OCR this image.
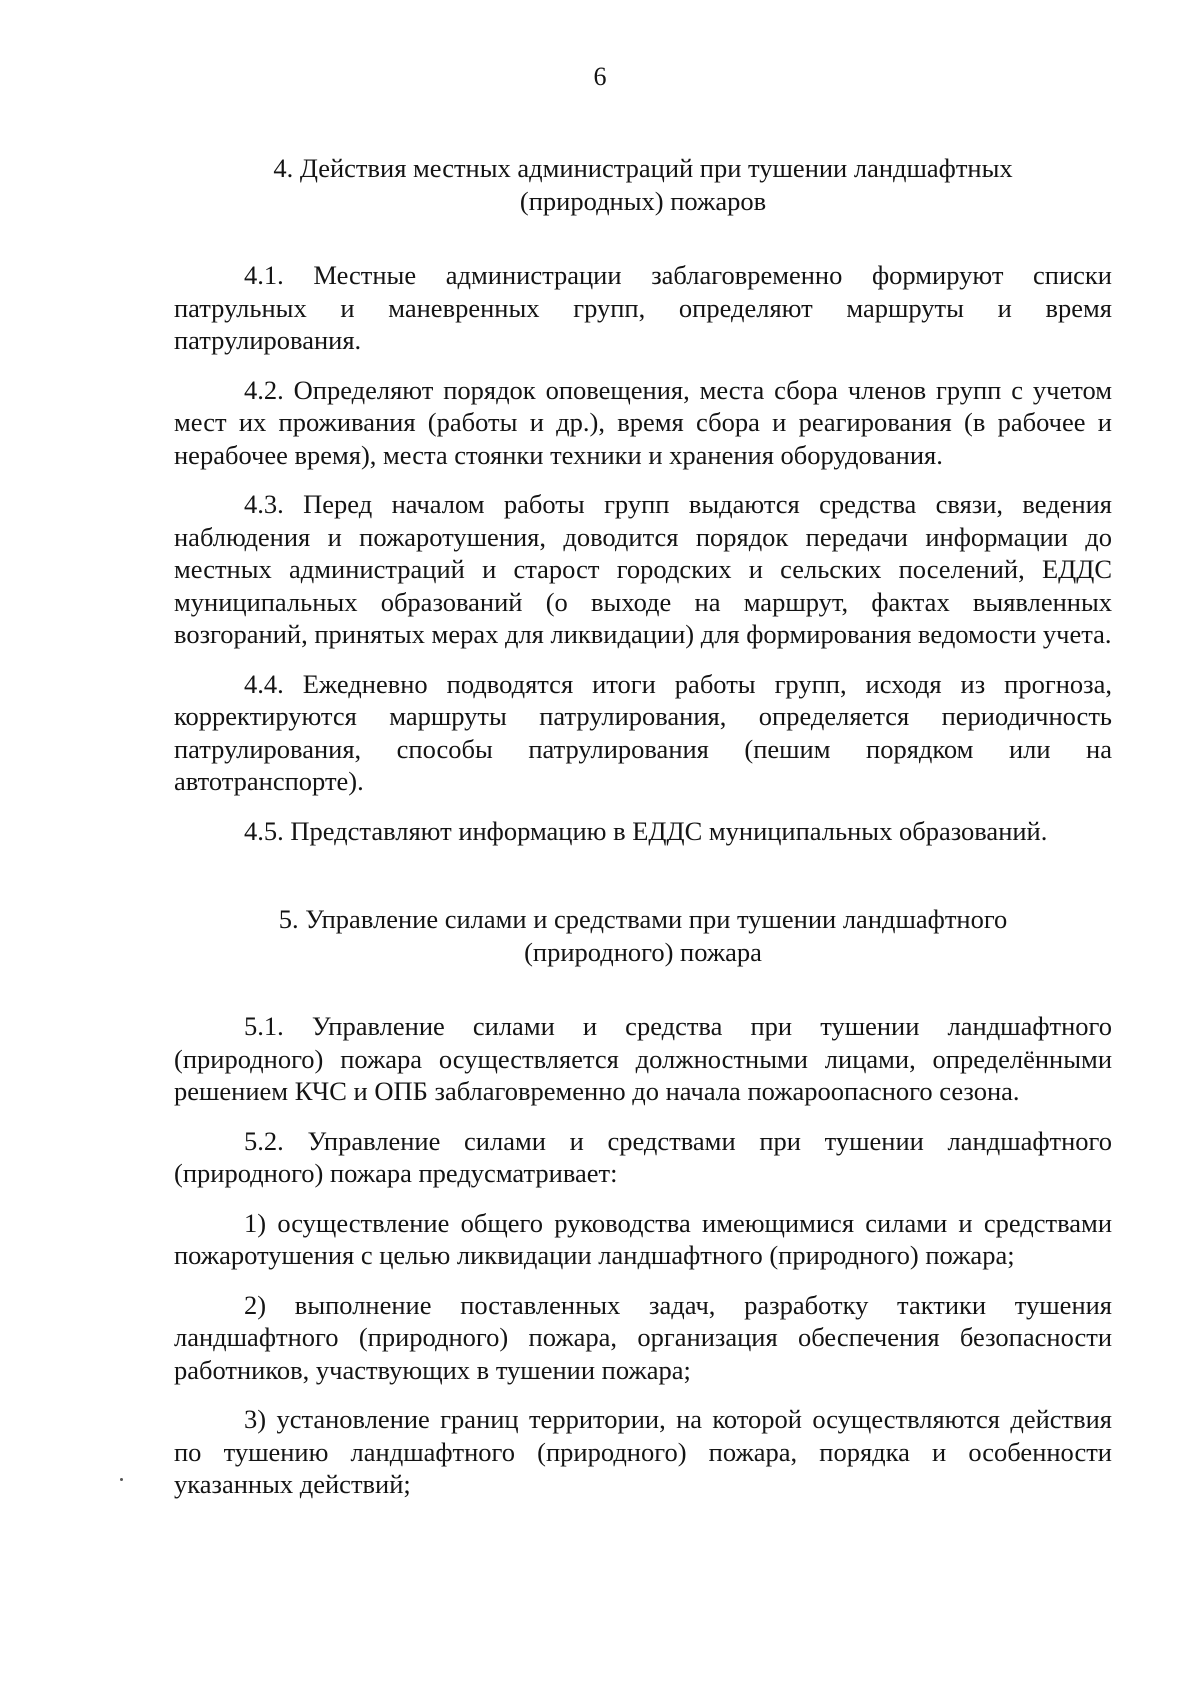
6
4. Действия местных администраций при тушении ландшафтных
(природных) пожаров

4.1. Местные администрации заблаговременно формируют списки патрульных и маневренных групп, определяют маршруты и время патрулирования.

4.2. Определяют порядок оповещения, места сбора членов групп с учетом мест их проживания (работы и др.), время сбора и реагирования (в рабочее и нерабочее время), места стоянки техники и хранения оборудования.

4.3. Перед началом работы групп выдаются средства связи, ведения наблюдения и пожаротушения, доводится порядок передачи информации до местных администраций и старост городских и сельских поселений, ЕДДС муниципальных образований (о выходе на маршрут, фактах выявленных возгораний, принятых мерах для ликвидации) для формирования ведомости учета.

4.4. Ежедневно подводятся итоги работы групп, исходя из прогноза, корректируются маршруты патрулирования, определяется периодичность патрулирования, способы патрулирования (пешим порядком или на автотранспорте).

4.5. Представляют информацию в ЕДДС муниципальных образований.

5. Управление силами и средствами при тушении ландшафтного
(природного) пожара

5.1. Управление силами и средства при тушении ландшафтного (природного) пожара осуществляется должностными лицами, определёнными решением КЧС и ОПБ заблаговременно до начала пожароопасного сезона.

5.2. Управление силами и средствами при тушении ландшафтного (природного) пожара предусматривает:

1) осуществление общего руководства имеющимися силами и средствами пожаротушения с целью ликвидации ландшафтного (природного) пожара;

2) выполнение поставленных задач, разработку тактики тушения ландшафтного (природного) пожара, организация обеспечения безопасности работников, участвующих в тушении пожара;

3) установление границ территории, на которой осуществляются действия по тушению ландшафтного (природного) пожара, порядка и особенности указанных действий;
